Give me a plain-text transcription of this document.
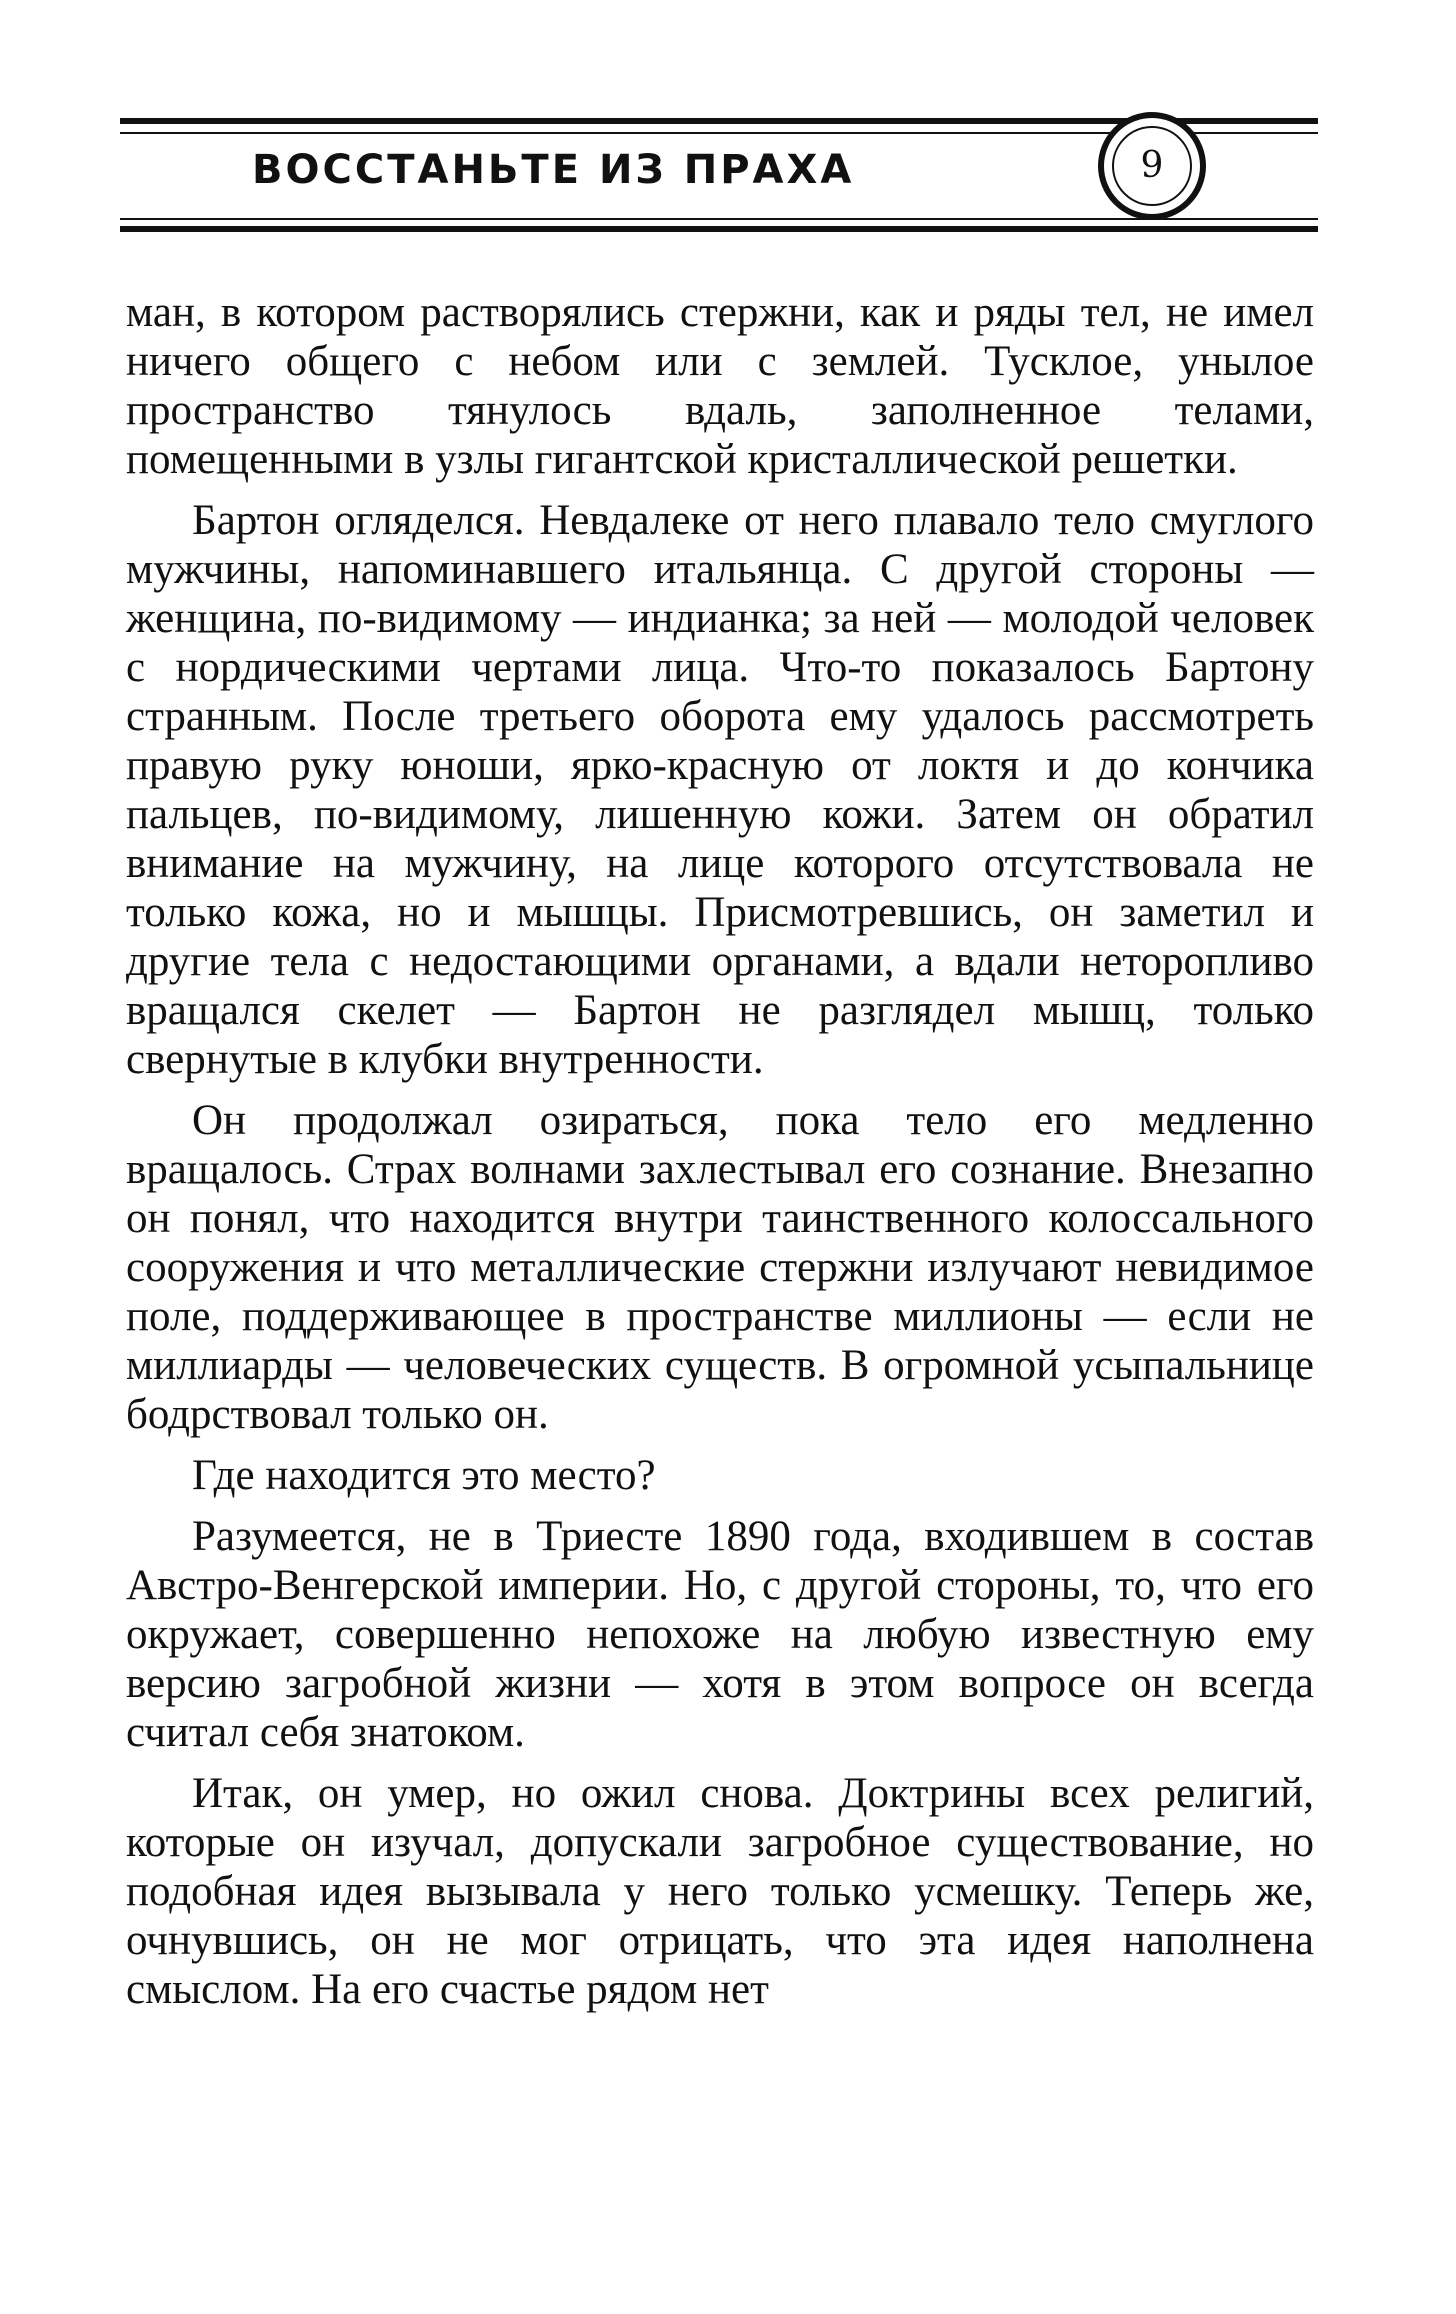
ВОССТАНЬТЕ ИЗ ПРАХА	9

ман, в котором растворялись стержни, как и ряды тел, не имел ничего общего с небом или с землей. Тусклое, унылое пространство тянулось вдаль, заполненное телами, помещенными в узлы гигантской кристаллической решетки.

Бартон огляделся. Невдалеке от него плавало тело смуглого мужчины, напоминавшего итальянца. С другой стороны — женщина, по-видимому — индианка; за ней — молодой человек с нордическими чертами лица. Что-то показалось Бартону странным. После третьего оборота ему удалось рассмотреть правую руку юноши, ярко-красную от локтя и до кончика пальцев, по-видимому, лишенную кожи. Затем он обратил внимание на мужчину, на лице которого отсутствовала не только кожа, но и мышцы. Присмотревшись, он заметил и другие тела с недостающими органами, а вдали неторопливо вращался скелет — Бартон не разглядел мышц, только свернутые в клубки внутренности.

Он продолжал озираться, пока тело его медленно вращалось. Страх волнами захлестывал его сознание. Внезапно он понял, что находится внутри таинственного колоссального сооружения и что металлические стержни излучают невидимое поле, поддерживающее в пространстве миллионы — если не миллиарды — человеческих существ. В огромной усыпальнице бодрствовал только он.

Где находится это место?

Разумеется, не в Триесте 1890 года, входившем в состав Австро-Венгерской империи. Но, с другой стороны, то, что его окружает, совершенно непохоже на любую известную ему версию загробной жизни — хотя в этом вопросе он всегда считал себя знатоком.

Итак, он умер, но ожил снова. Доктрины всех религий, которые он изучал, допускали загробное существование, но подобная идея вызывала у него только усмешку. Теперь же, очнувшись, он не мог отрицать, что эта идея наполнена смыслом. На его счастье рядом нет
